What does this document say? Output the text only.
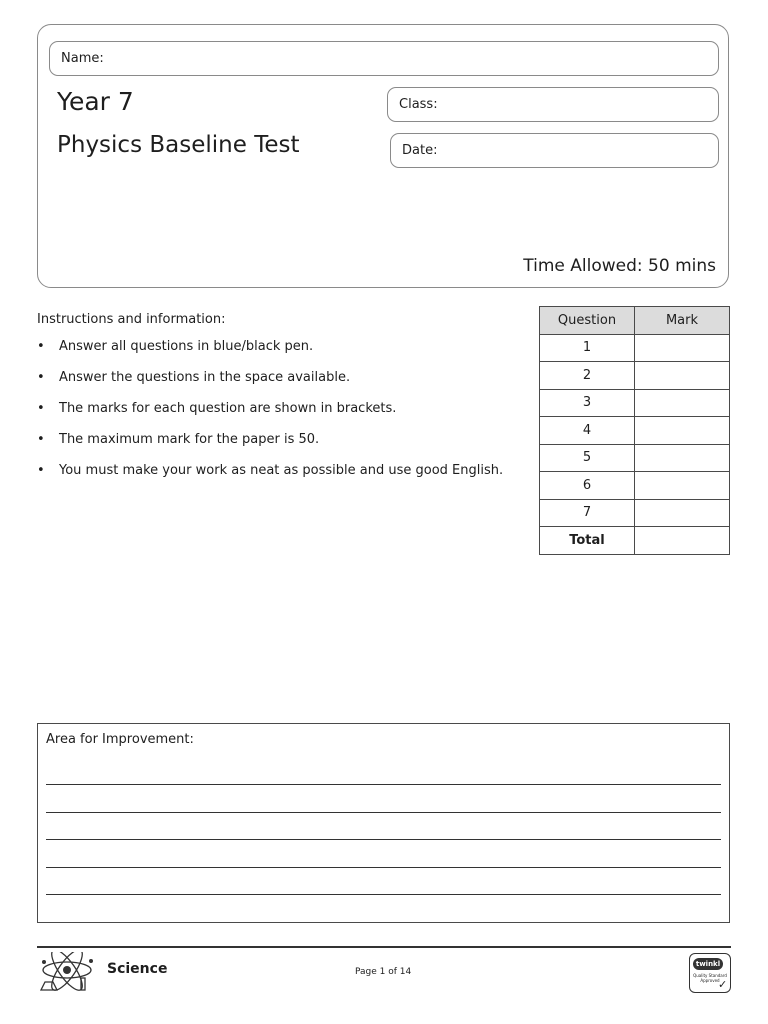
Name:
Year 7	Class:
Physics Baseline Test	Date:
Time Allowed: 50 mins
Instructions and information:
• Answer all questions in blue/black pen.
• Answer the questions in the space available.
• The marks for each question are shown in brackets.
• The maximum mark for the paper is 50.
• You must make your work as neat as possible and use good English.
Question	Mark
1	
2	
3	
4	
5	
6	
7	
Total	
Area for Improvement:
Science	Page 1 of 14
twinkl
Quality Standard Approved
✓
